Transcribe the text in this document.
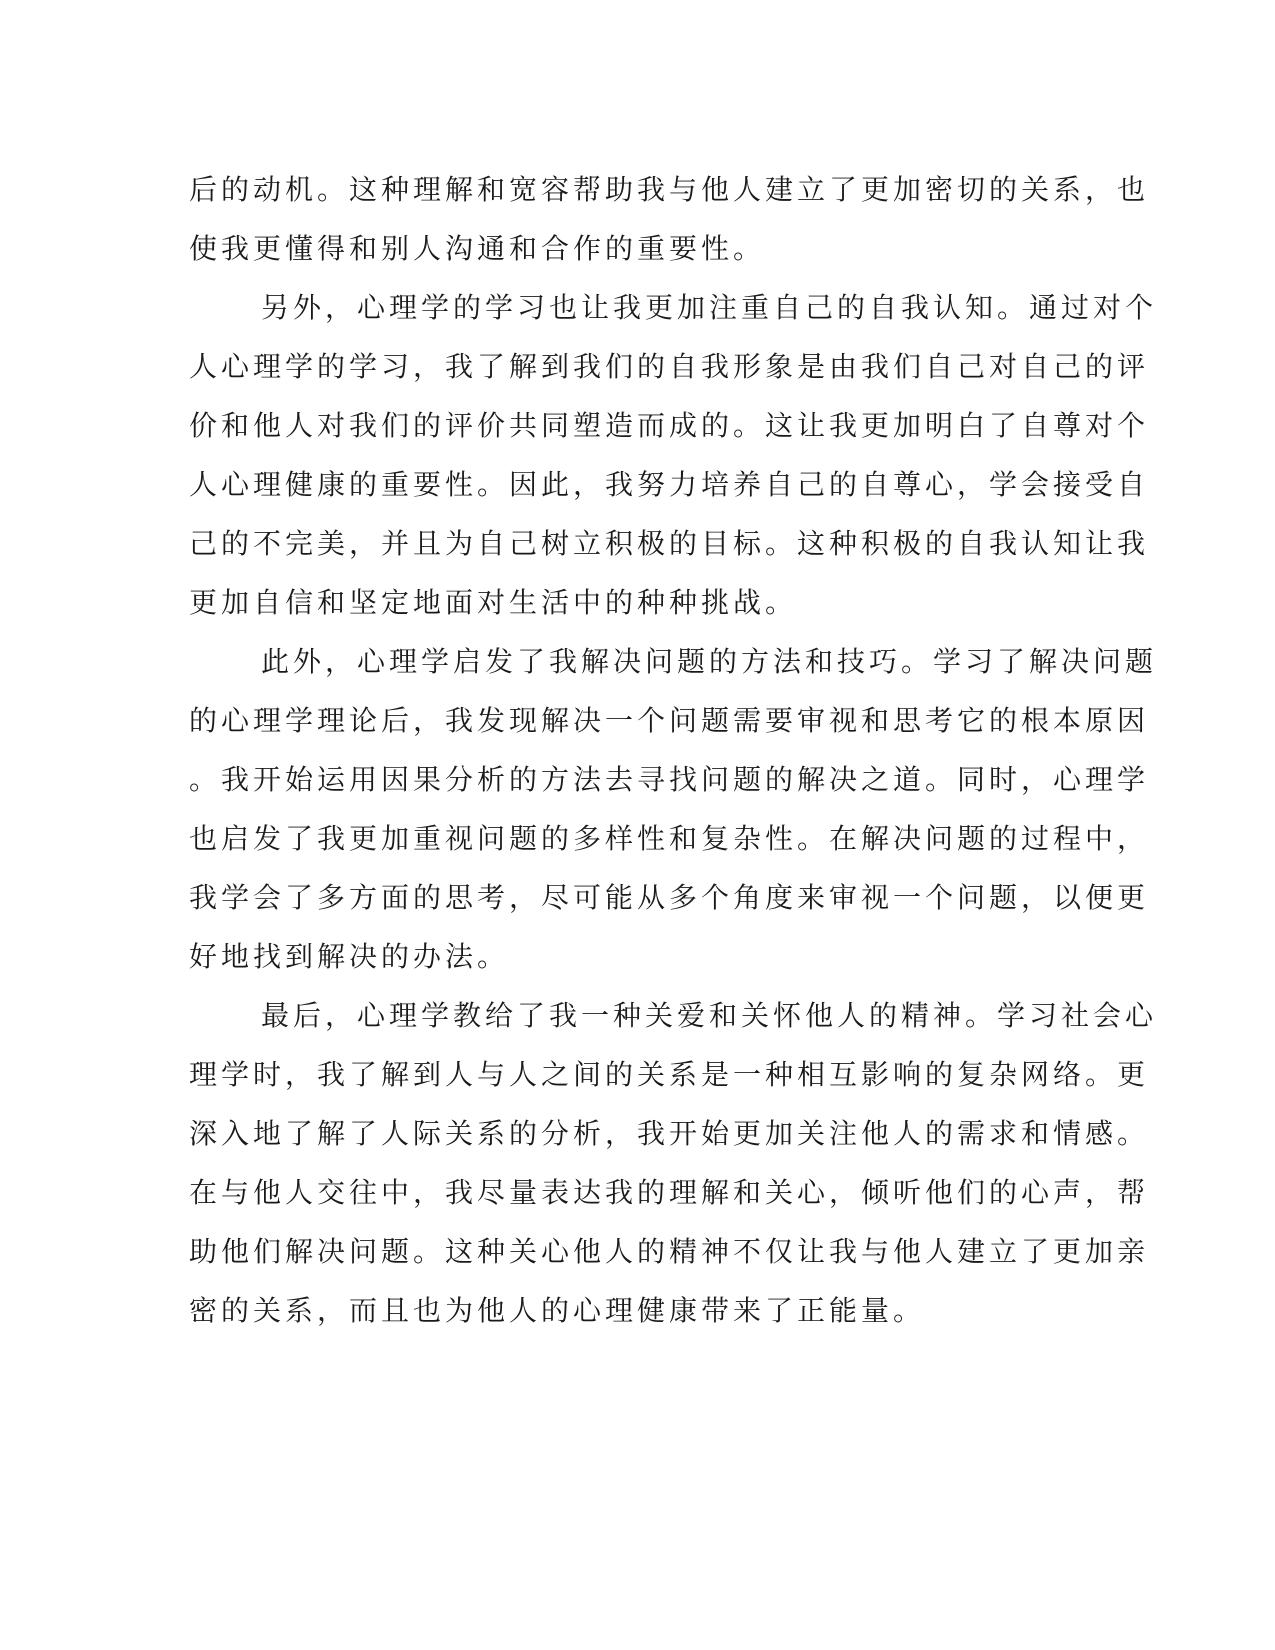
后的动机。这种理解和宽容帮助我与他人建立了更加密切的关系，也
使我更懂得和别人沟通和合作的重要性。
另外，心理学的学习也让我更加注重自己的自我认知。通过对个
人心理学的学习，我了解到我们的自我形象是由我们自己对自己的评
价和他人对我们的评价共同塑造而成的。这让我更加明白了自尊对个
人心理健康的重要性。因此，我努力培养自己的自尊心，学会接受自
己的不完美，并且为自己树立积极的目标。这种积极的自我认知让我
更加自信和坚定地面对生活中的种种挑战。
此外，心理学启发了我解决问题的方法和技巧。学习了解决问题
的心理学理论后，我发现解决一个问题需要审视和思考它的根本原因
。我开始运用因果分析的方法去寻找问题的解决之道。同时，心理学
也启发了我更加重视问题的多样性和复杂性。在解决问题的过程中，
我学会了多方面的思考，尽可能从多个角度来审视一个问题，以便更
好地找到解决的办法。
最后，心理学教给了我一种关爱和关怀他人的精神。学习社会心
理学时，我了解到人与人之间的关系是一种相互影响的复杂网络。更
深入地了解了人际关系的分析，我开始更加关注他人的需求和情感。
在与他人交往中，我尽量表达我的理解和关心，倾听他们的心声，帮
助他们解决问题。这种关心他人的精神不仅让我与他人建立了更加亲
密的关系，而且也为他人的心理健康带来了正能量。
